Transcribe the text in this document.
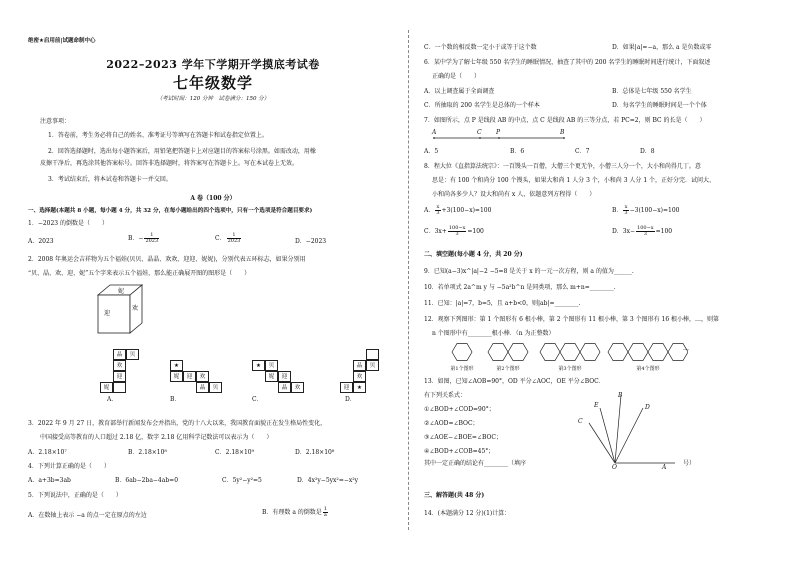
绝密★启用前|试题命制中心
2022–2023 学年下学期开学摸底考试卷
七年级数学
（考试时间：120 分钟　试卷满分：150 分）
注意事项：
1．答卷前，考生务必将自己的姓名、准考证号等填写在答题卡和试卷指定位置上。
2．回答选择题时，选出每小题答案后，用铅笔把答题卡上对应题目的答案标号涂黑。如需改动，用橡
皮擦干净后，再选涂其他答案标号。回答非选择题时，将答案写在答题卡上。写在本试卷上无效。
3．考试结束后，将本试卷和答题卡一并交回。
A 卷（100 分）
一、选择题(本题共 8 小题，每小题 4 分，共 32 分，在每小题给出的四个选项中，只有一个选项是符合题目要求)
1．−2023 的倒数是（　　）
A．2023	B．− $\frac{1}{2023}$	C． $\frac{1}{2023}$	D．−2023
2．2008 年奥运会吉祥物为五个福娃(贝贝、晶晶、欢欢、迎迎、妮妮)，分别代表五环标志，如果分别用
“贝、晶、欢、迎、妮”五个字来表示五个福娃，那么能正确展开图的图形是（　　）
妮
迎
欢
晶	贝
欢
迎
妮
A．
★
妮	迎	欢
晶	贝
B．
★	贝
妮	迎
晶	欢
C．
晶	贝
欢
迎	★
D．
3．2022 年 9 月 27 日，教育部举行新闻发布会并指出，党的十八大以来，我国教育面貌正在发生格局性变化，
中国接受高等教育的人口超过 2.18 亿，数字 2.18 亿用科学记数法可以表示为（　　）
A．2.18×10⁷	B．2.18×10⁸	C．2.18×10⁹	D．2.18×10⁸
4．下列计算正确的是（　　）
A．a+3b=3ab	B．6ab−2ba−4ab=0	C．5y²−y²=5	D．4x²y−5yx²=−x²y
5．下列说法中，正确的是（　　）
A．在数轴上表示 −a 的点一定在原点的左边	B．有理数 a 的倒数是 $\frac{1}{a}$
C．一个数的相反数一定小于或等于这个数	D．如果|a|=−a，那么 a 是负数或零
6．某中学为了解七年级 550 名学生的睡眠情况，抽查了其中的 200 名学生的睡眠时间进行统计，下面叙述
正确的是（　　）
A．以上调查属于全面调查	B．总体是七年级 550 名学生
C．所抽取的 200 名学生是总体的一个样本	D．每名学生的睡眠时间是一个个体
7．如图所示，点 P 是线段 AB 的中点，点 C 是线段 AB 的三等分点，若 PC=2，则 BC 的长是（　　）
A	C P	B
A．5	B．6	C．7	D．8
8．程大位《直指算法统宗》：一百馒头一百僧，大僧三个更无争，小僧三人分一个，大小和尚得几丁。意
思是：有 100 个和尚分 100 个馒头，如果大和尚 1 人分 3 个，小和尚 3 人分 1 个，正好分完．试问大、
小和尚各多少人？设大和尚有 x 人，依题意列方程得（　　）
A． $\frac{x}{3} +3(100-x)=100$	B． $\frac{x}{3} -3(100-x)=100$
C．$3x+ \frac{100-x}{3} =100$	D．$3x- \frac{100-x}{3} =100$
二、填空题(每小题 4 分，共 20 分)
9．已知(a−3)x^|a|−2 −5=8 是关于 x 的一元一次方程，则 a 的值为______.
10．若单项式 2a^m y 与 −5a²b^n 是同类项，那么 m+n=________.
11．已知：|a|=7，b=5，且 a+b<0，则|ab|=________.
12．观察下列图形：第 1 个图形有 6 根小棒，第 2 个图形有 11 根小棒，第 3 个图形有 16 根小棒，…，则第
n 个图形中有________根小棒．（n 为正整数）
…
第1个图形	第2个图形	第3个图形	第4个图形
13．如图，已知∠AOB=90°，OD 平分∠AOC，OE 平分∠BOC．
有下列关系式：
①∠BOD+∠COD=90°；
②∠AOD=∠BOC；
③∠AOE−∠BOE=∠BOC；
④∠BOD+∠COB=45°；
其中一定正确的结论有________（填序	号）
B
E	D
C
O	A
三、解答题(共 48 分)
14．(本题满分 12 分)(1)计算：
